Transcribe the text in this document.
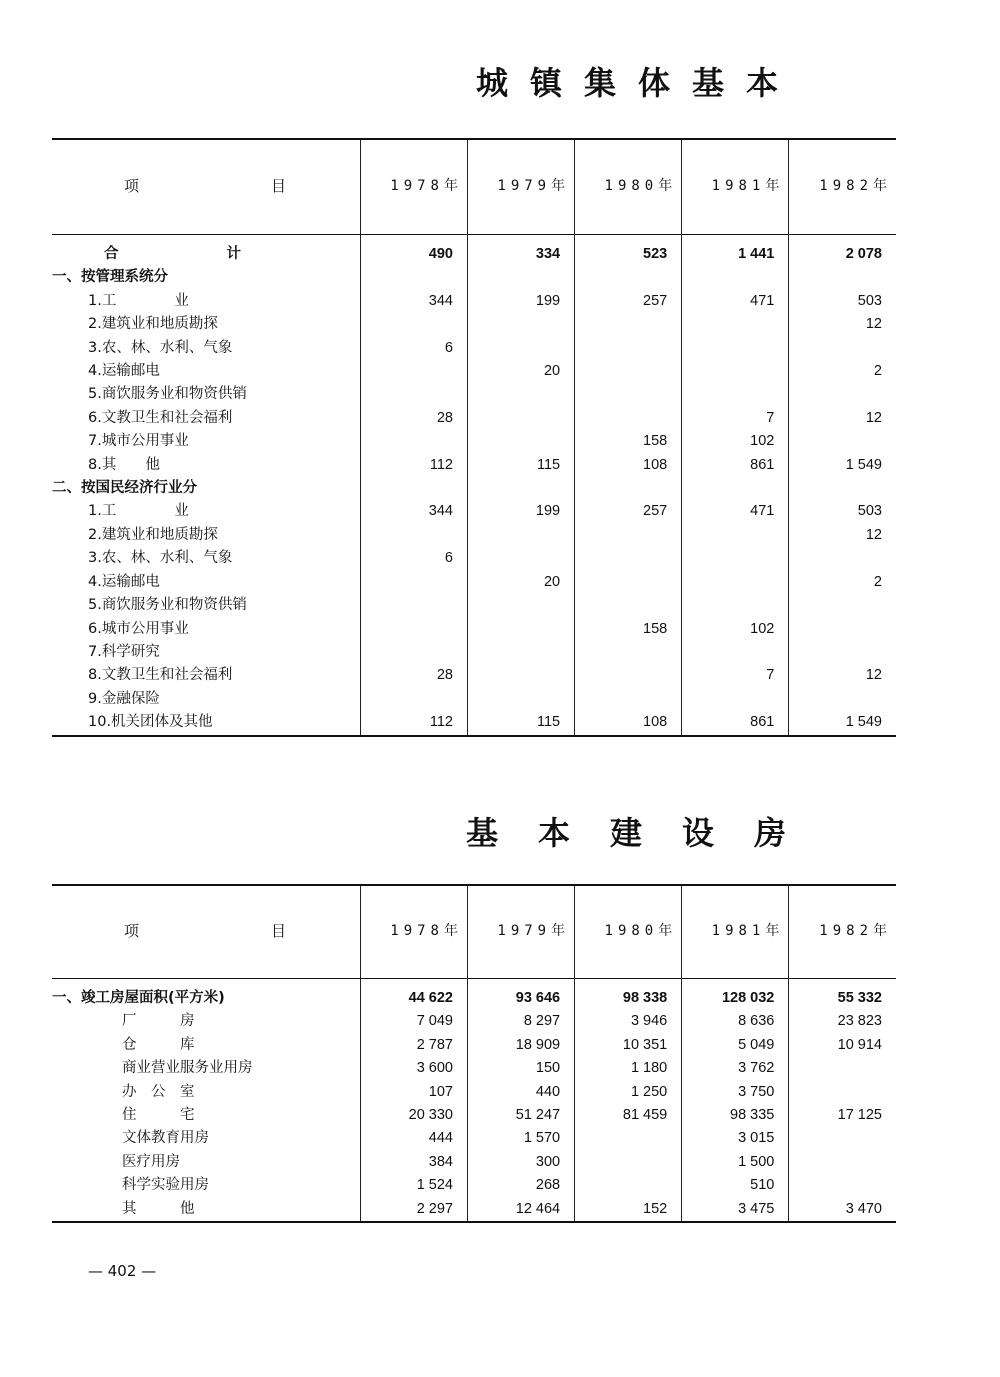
城镇集体基本
项 目	1978年	1979年	1980年	1981年	1982年
合 计	490	334	523	1 441	2 078
一、按管理系统分					
1.工　　　　业	344	199	257	471	503
2.建筑业和地质勘探					12
3.农、林、水利、气象	6				
4.运输邮电		20			2
5.商饮服务业和物资供销					
6.文教卫生和社会福利	28			7	12
7.城市公用事业			158	102	
8.其　　他	112	115	108	861	1 549
二、按国民经济行业分					
1.工　　　　业	344	199	257	471	503
2.建筑业和地质勘探					12
3.农、林、水利、气象	6				
4.运输邮电		20			2
5.商饮服务业和物资供销					
6.城市公用事业			158	102	
7.科学研究					
8.文教卫生和社会福利	28			7	12
9.金融保险					
10.机关团体及其他	112	115	108	861	1 549
基本建设房
项 目	1978年	1979年	1980年	1981年	1982年
一、竣工房屋面积(平方米)	44 622	93 646	98 338	128 032	55 332
厂　　　房	7 049	8 297	3 946	8 636	23 823
仓　　　库	2 787	18 909	10 351	5 049	10 914
商业营业服务业用房	3 600	150	1 180	3 762	
办　公　室	107	440	1 250	3 750	
住　　　宅	20 330	51 247	81 459	98 335	17 125
文体教育用房	444	1 570		3 015	
医疗用房	384	300		1 500	
科学实验用房	1 524	268		510	
其　　　他	2 297	12 464	152	3 475	3 470

— 402 —
